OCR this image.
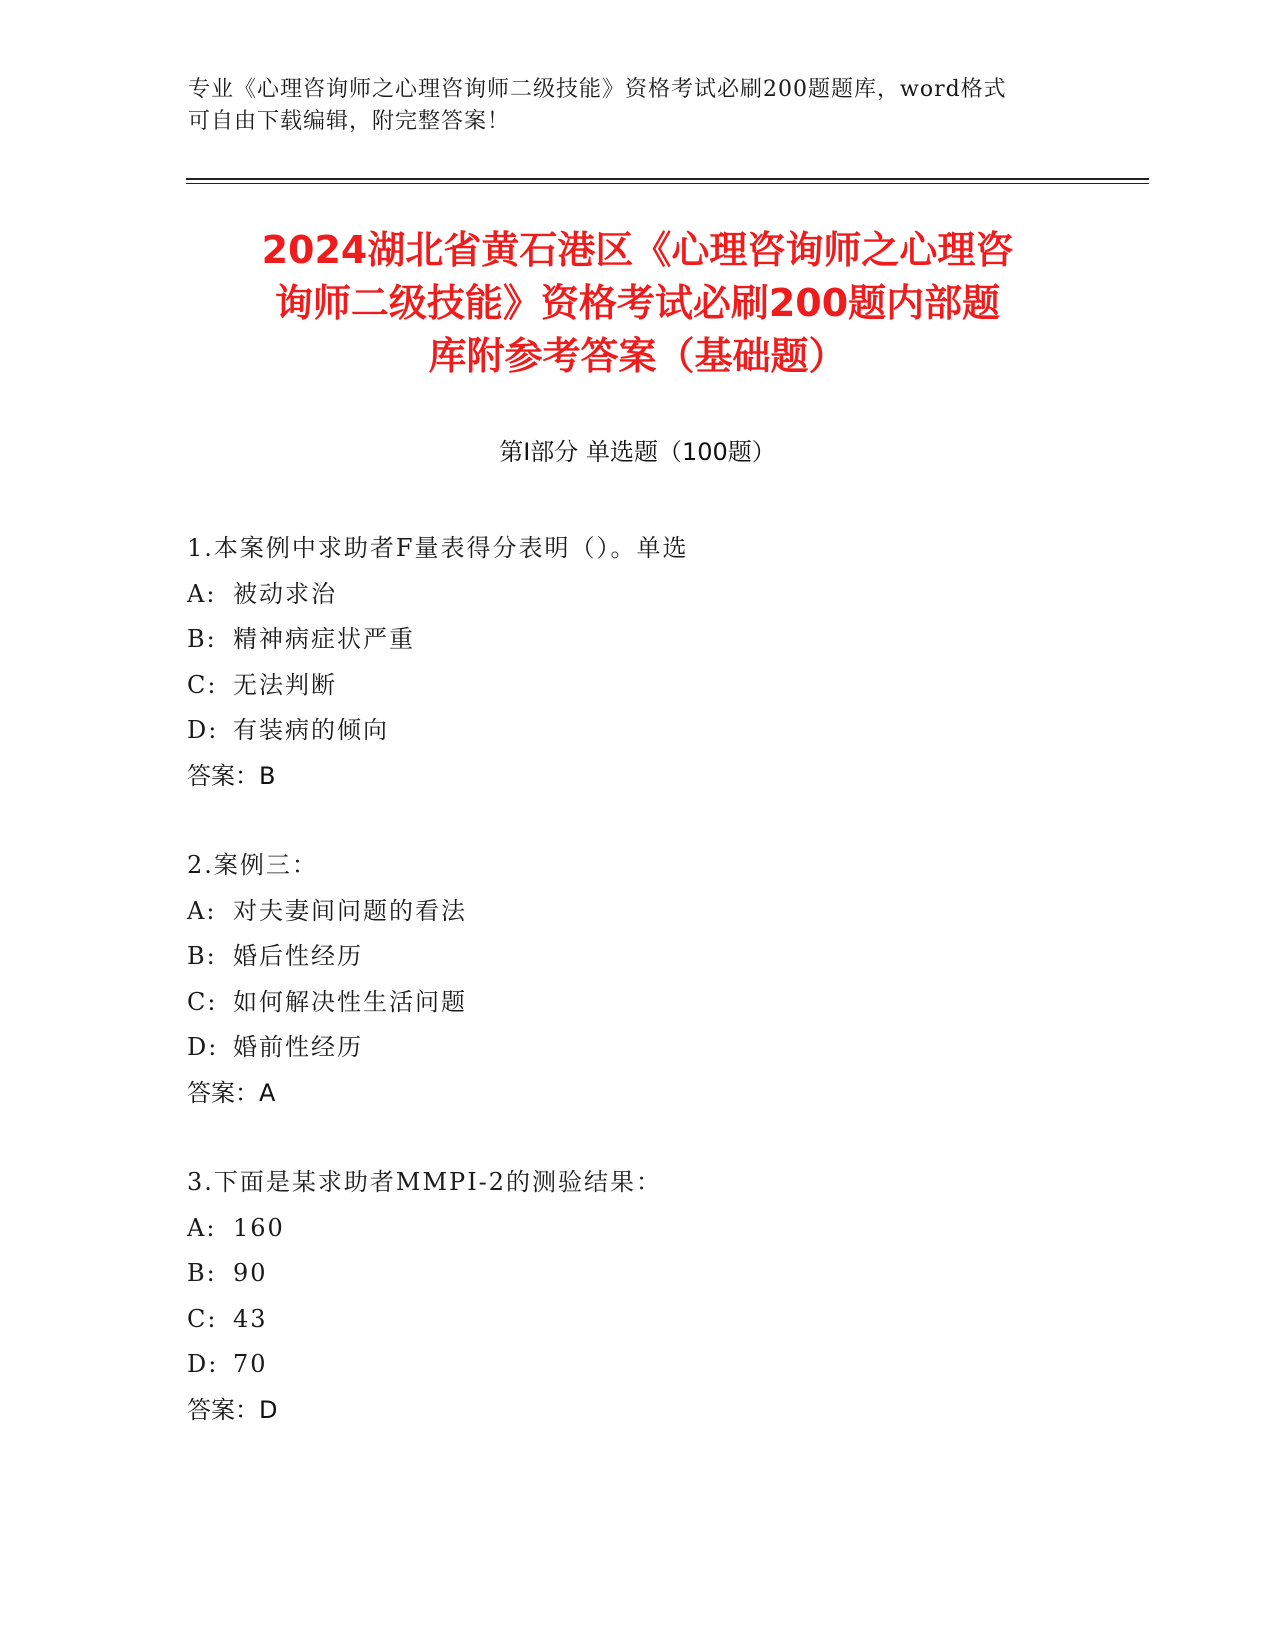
专业《心理咨询师之心理咨询师二级技能》资格考试必刷200题题库，word格式
可自由下载编辑，附完整答案！
2024湖北省黄石港区《心理咨询师之心理咨
询师二级技能》资格考试必刷200题内部题
库附参考答案（基础题）
第I部分 单选题（100题）
1.本案例中求助者F量表得分表明（）。单选
A: 被动求治
B: 精神病症状严重
C: 无法判断
D: 有装病的倾向
答案：B
2.案例三：
A: 对夫妻间问题的看法
B: 婚后性经历
C: 如何解决性生活问题
D: 婚前性经历
答案：A
3.下面是某求助者MMPI-2的测验结果：
A: 160
B: 90
C: 43
D: 70
答案：D
